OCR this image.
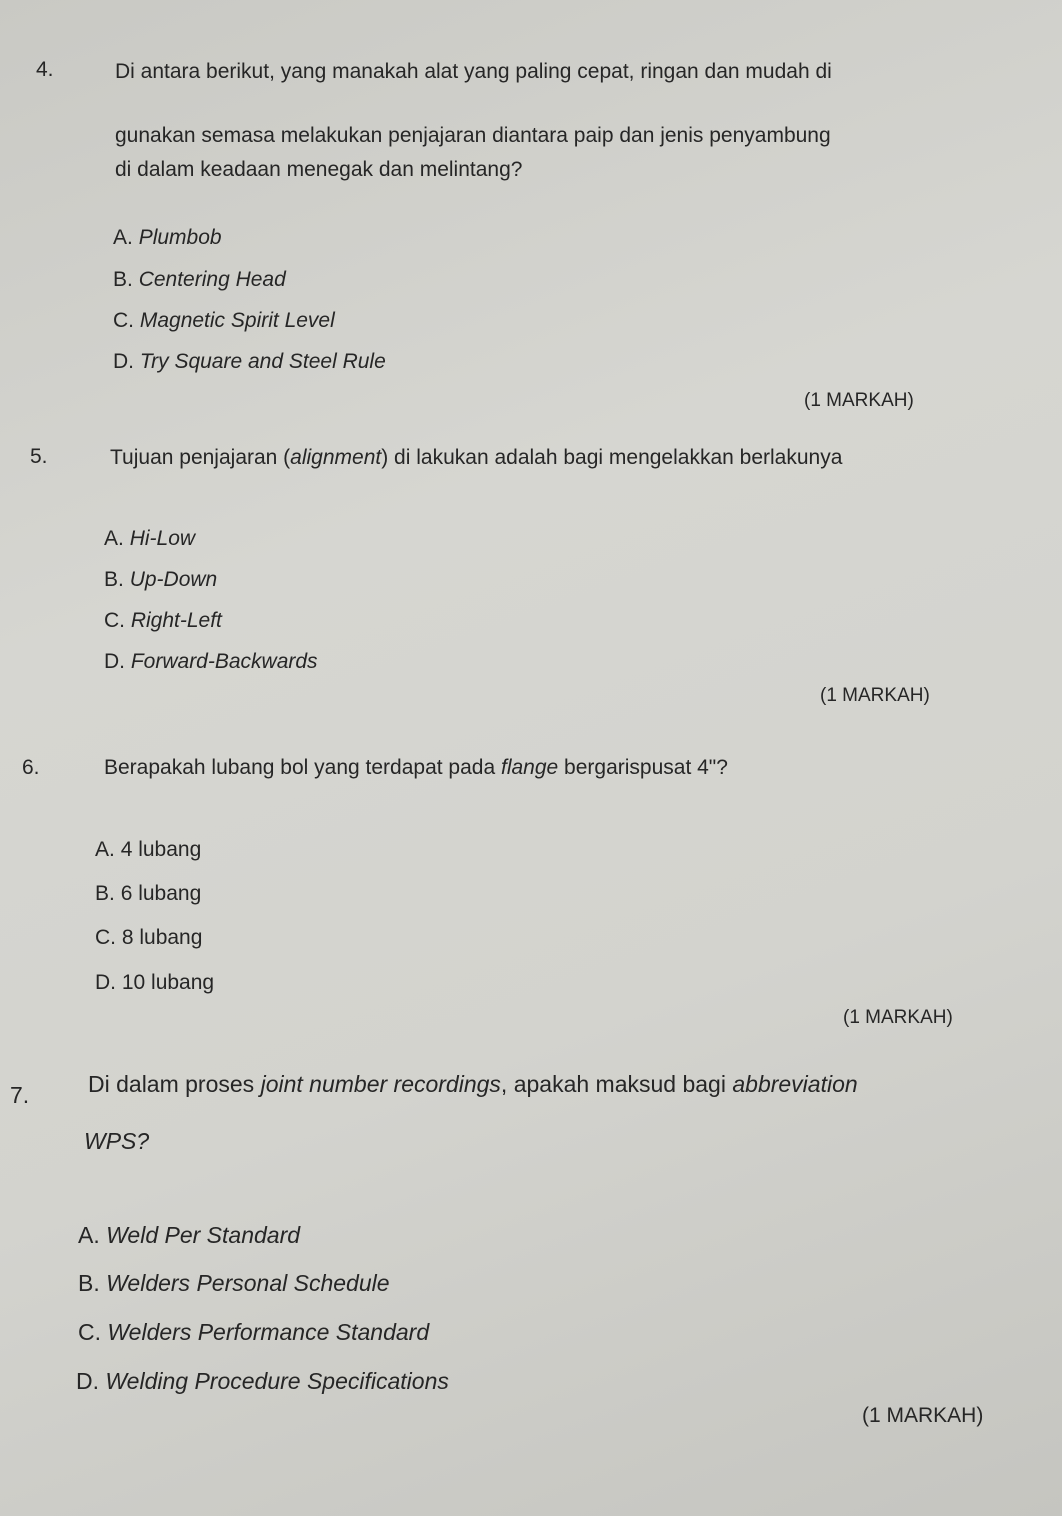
4.	Di antara berikut, yang manakah alat yang paling cepat, ringan dan mudah di
gunakan semasa melakukan penjajaran diantara paip dan jenis penyambung
di dalam keadaan menegak dan melintang?
A. Plumbob
B. Centering Head
C. Magnetic Spirit Level
D. Try Square and Steel Rule
(1 MARKAH)
5.	Tujuan penjajaran (alignment) di lakukan adalah bagi mengelakkan berlakunya
A. Hi-Low
B. Up-Down
C. Right-Left
D. Forward-Backwards
(1 MARKAH)
6.	Berapakah lubang bol yang terdapat pada flange bergarispusat 4"?
A. 4 lubang
B. 6 lubang
C. 8 lubang
D. 10 lubang
(1 MARKAH)
7.	Di dalam proses joint number recordings, apakah maksud bagi abbreviation
WPS?
A. Weld Per Standard
B. Welders Personal Schedule
C. Welders Performance Standard
D. Welding Procedure Specifications
(1 MARKAH)
